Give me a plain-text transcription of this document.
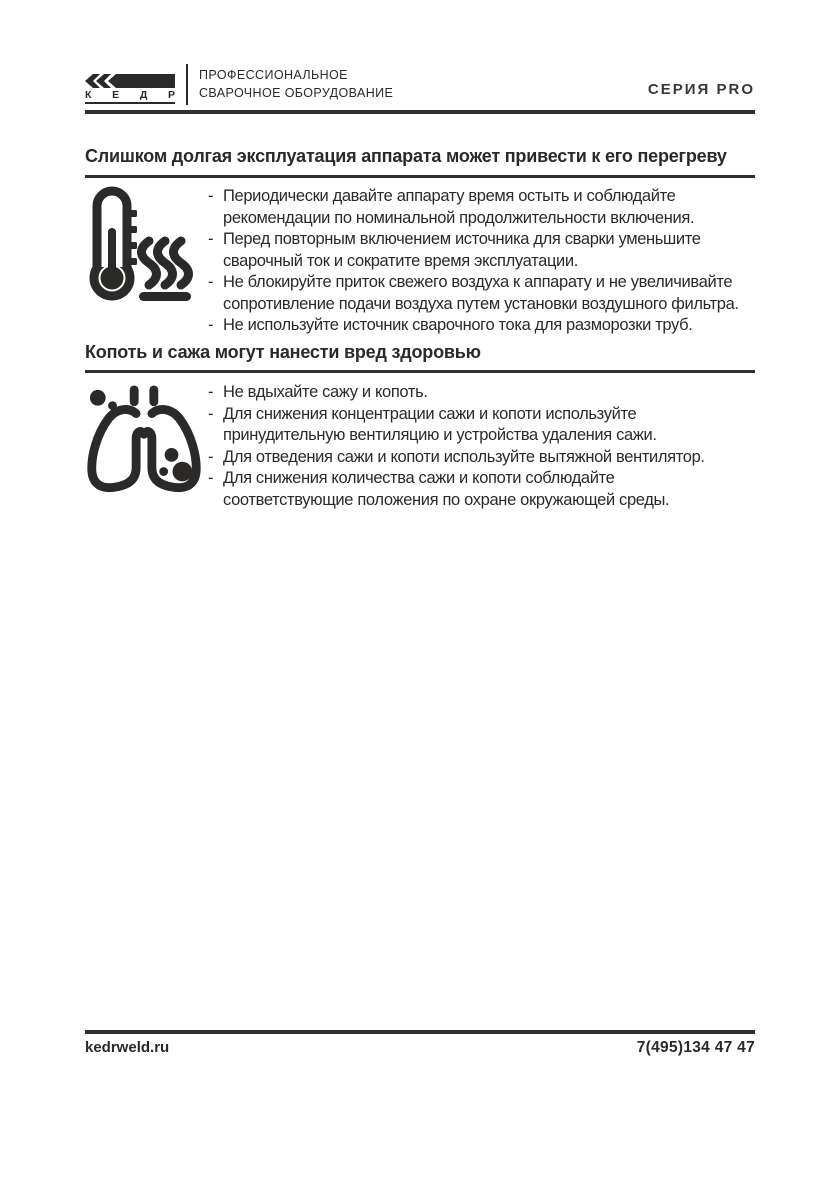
К Е Д Р
ПРОФЕССИОНАЛЬНОЕ
СВАРОЧНОЕ ОБОРУДОВАНИЕ	СЕРИЯ PRO
Слишком долгая эксплуатация аппарата может привести к его перегреву
- Периодически давайте аппарату время остыть и соблюдайте рекомендации по номинальной продолжительности включения.
- Перед повторным включением источника для сварки уменьшите сварочный ток и сократите время эксплуатации.
- Не блокируйте приток свежего воздуха к аппарату и не увеличивайте сопротивление подачи воздуха путем установки воздушного фильтра.
- Не используйте источник сварочного тока для разморозки труб.
Копоть и сажа могут нанести вред здоровью
- Не вдыхайте сажу и копоть.
- Для снижения концентрации сажи и копоти используйте принудительную вентиляцию и устройства удаления сажи.
- Для отведения сажи и копоти используйте вытяжной вентилятор.
- Для снижения количества сажи и копоти соблюдайте соответствующие положения по охране окружающей среды.
kedrweld.ru	7(495)134 47 47
